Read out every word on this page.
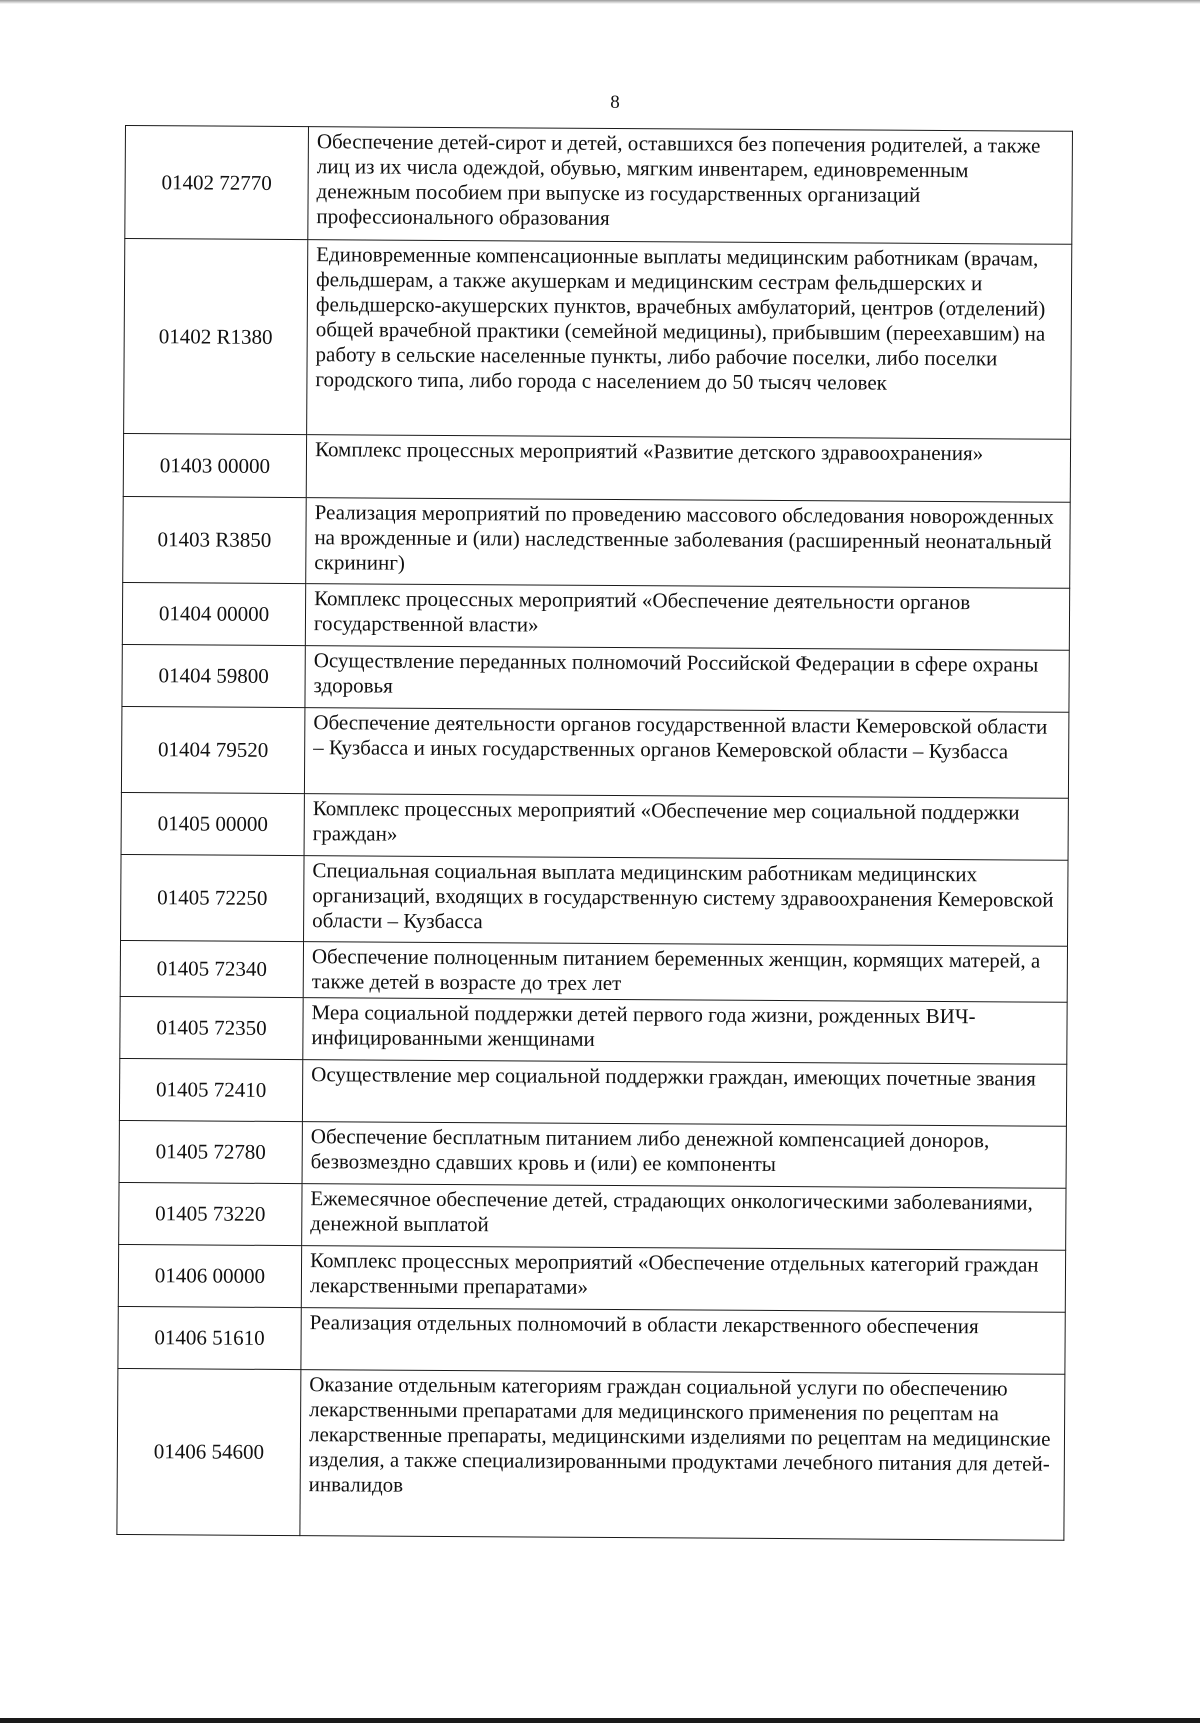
8
01402 72770	Обеспечение детей-сирот и детей, оставшихся без попечения родителей, а также лиц из их числа одеждой, обувью, мягким инвентарем, единовременным денежным пособием при выпуске из государственных организаций профессионального образования
01402 R1380	Единовременные компенсационные выплаты медицинским работникам (врачам, фельдшерам, а также акушеркам и медицинским сестрам фельдшерских и фельдшерско-акушерских пунктов, врачебных амбулаторий, центров (отделений) общей врачебной практики (семейной медицины), прибывшим (переехавшим) на работу в сельские населенные пункты, либо рабочие поселки, либо поселки городского типа, либо города с населением до 50 тысяч человек
01403 00000	Комплекс процессных мероприятий «Развитие детского здравоохранения»
01403 R3850	Реализация мероприятий по проведению массового обследования новорожденных на врожденные и (или) наследственные заболевания (расширенный неонатальный скрининг)
01404 00000	Комплекс процессных мероприятий «Обеспечение деятельности органов государственной власти»
01404 59800	Осуществление переданных полномочий Российской Федерации в сфере охраны здоровья
01404 79520	Обеспечение деятельности органов государственной власти Кемеровской области – Кузбасса и иных государственных органов Кемеровской области – Кузбасса
01405 00000	Комплекс процессных мероприятий «Обеспечение мер социальной поддержки граждан»
01405 72250	Специальная социальная выплата медицинским работникам медицинских организаций, входящих в государственную систему здравоохранения Кемеровской области – Кузбасса
01405 72340	Обеспечение полноценным питанием беременных женщин, кормящих матерей, а также детей в возрасте до трех лет
01405 72350	Мера социальной поддержки детей первого года жизни, рожденных ВИЧ-инфицированными женщинами
01405 72410	Осуществление мер социальной поддержки граждан, имеющих почетные звания
01405 72780	Обеспечение бесплатным питанием либо денежной компенсацией доноров, безвозмездно сдавших кровь и (или) ее компоненты
01405 73220	Ежемесячное обеспечение детей, страдающих онкологическими заболеваниями, денежной выплатой
01406 00000	Комплекс процессных мероприятий «Обеспечение отдельных категорий граждан лекарственными препаратами»
01406 51610	Реализация отдельных полномочий в области лекарственного обеспечения
01406 54600	Оказание отдельным категориям граждан социальной услуги по обеспечению лекарственными препаратами для медицинского применения по рецептам на лекарственные препараты, медицинскими изделиями по рецептам на медицинские изделия, а также специализированными продуктами лечебного питания для детей-инвалидов
